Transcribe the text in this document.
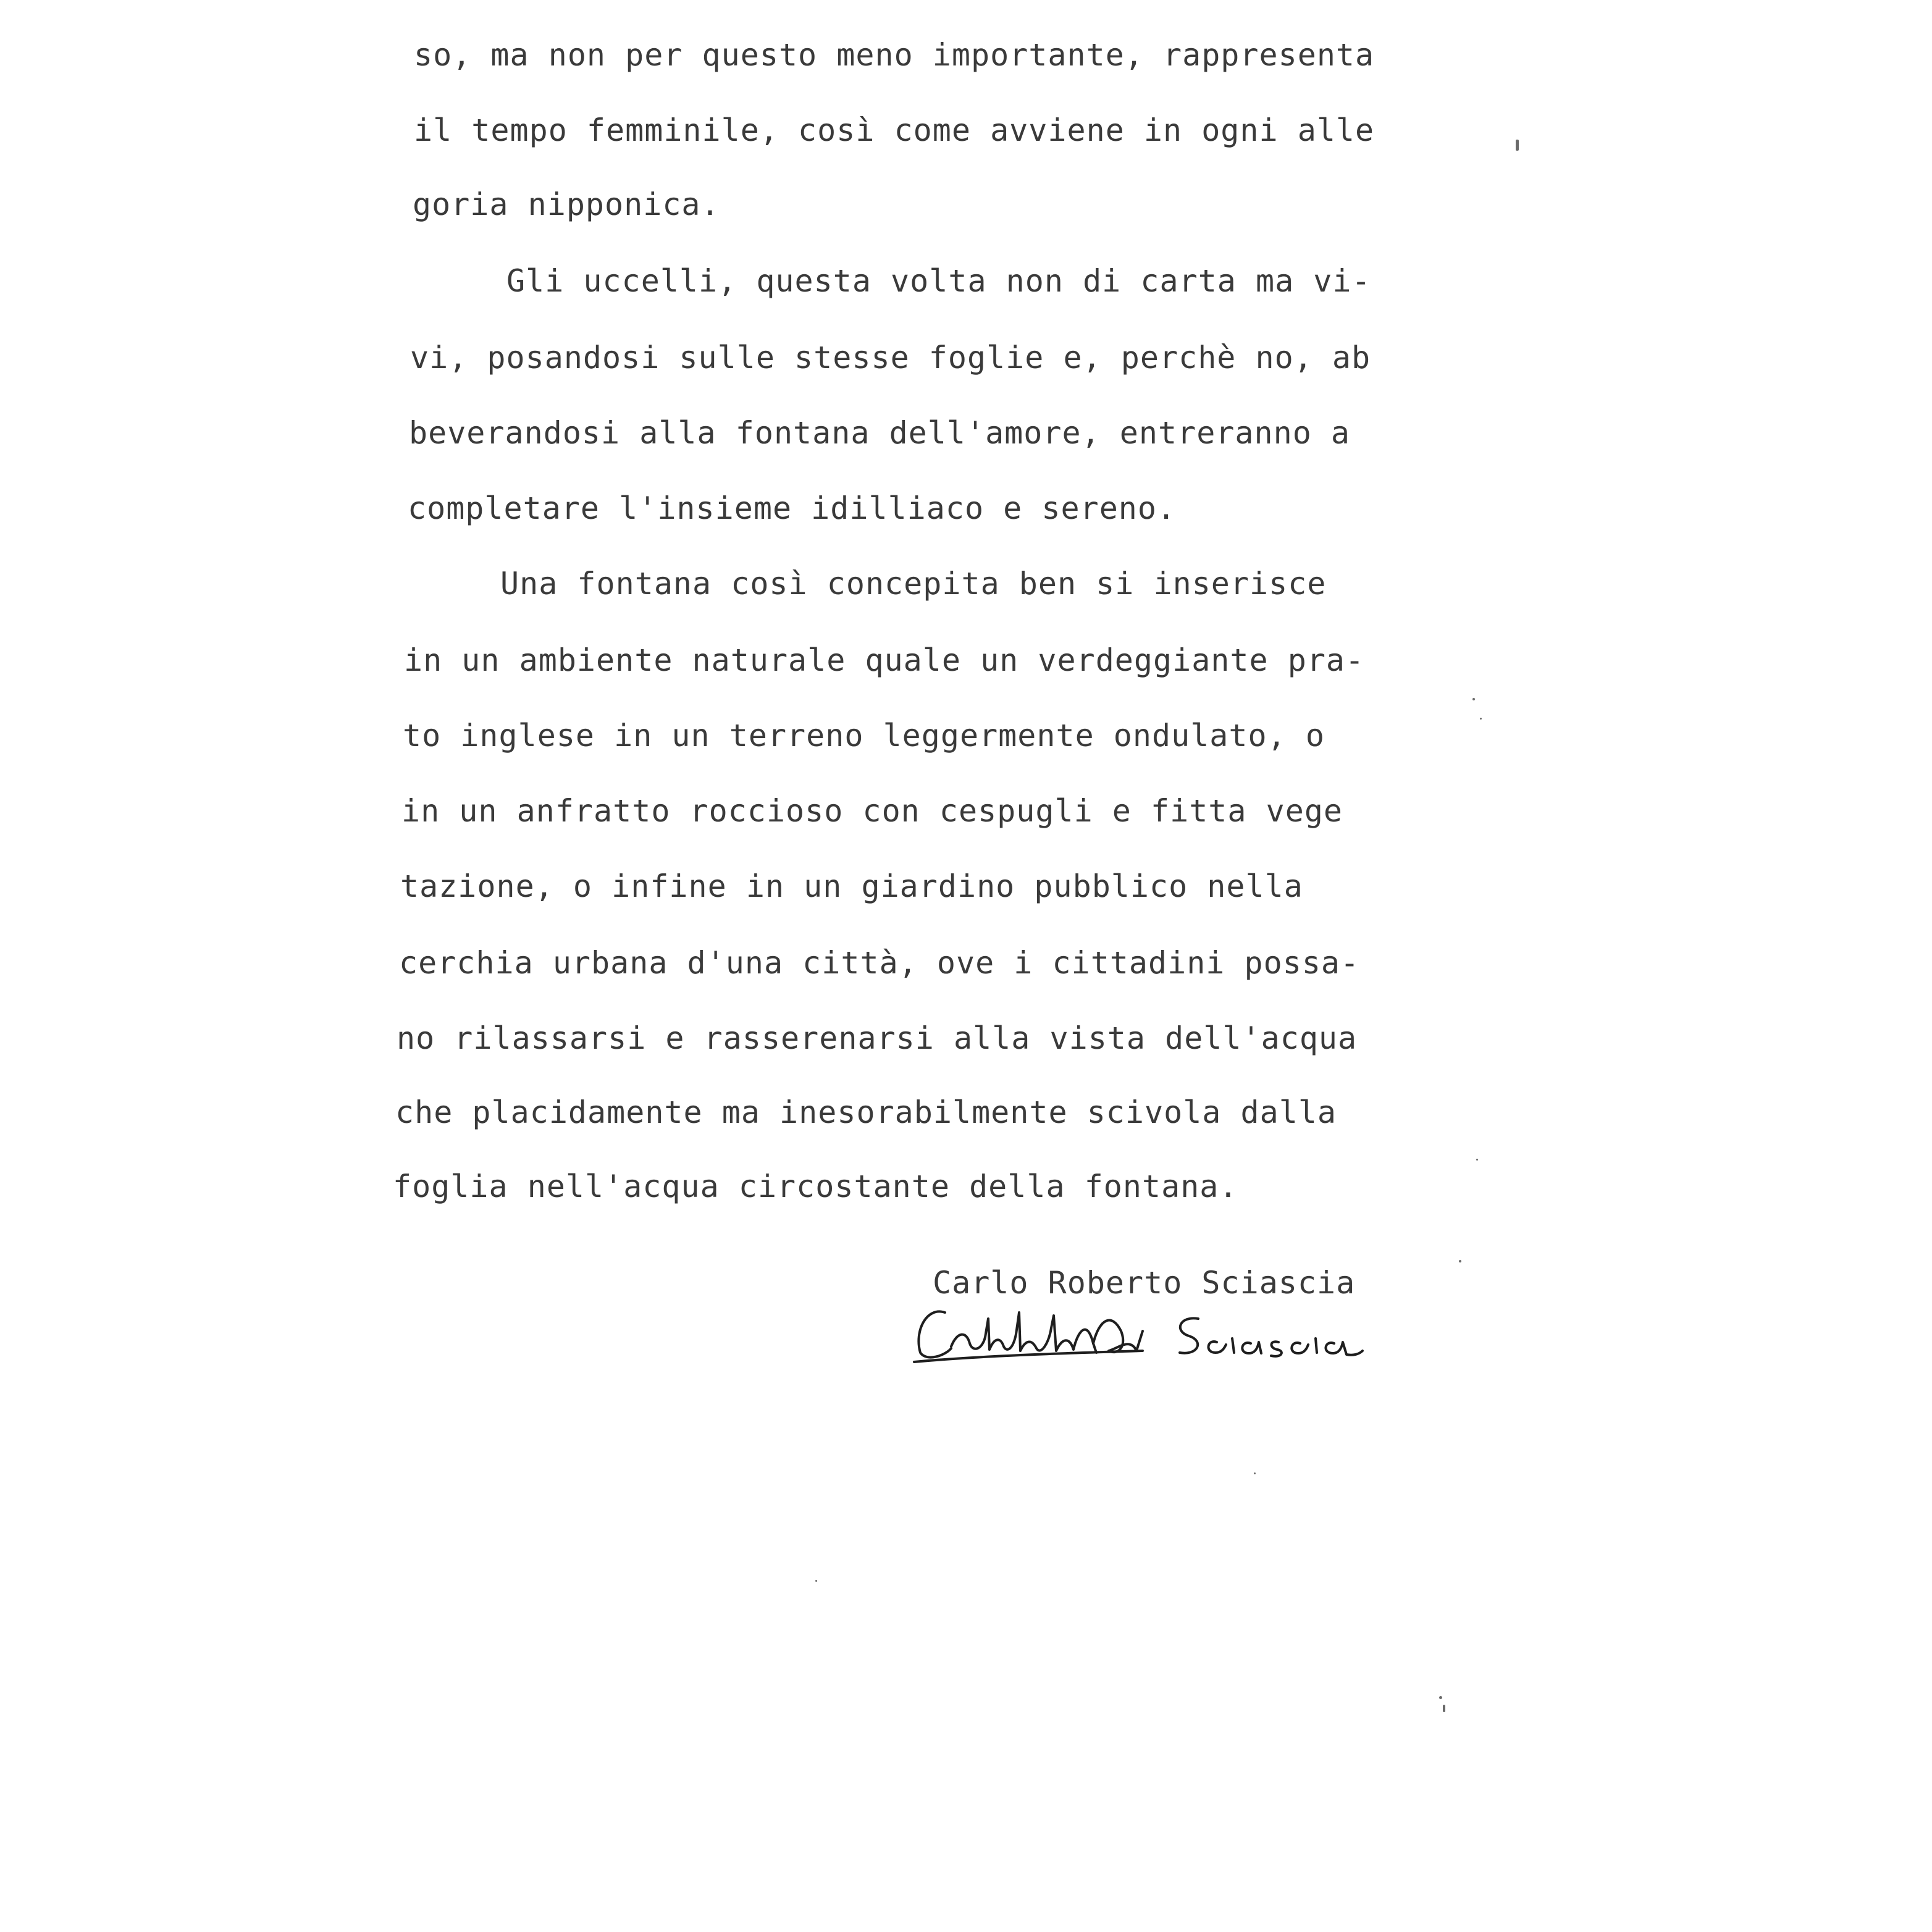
so, ma non per questo meno importante, rappresenta
il tempo femminile, così come avviene in ogni alle
goria nipponica.
Gli uccelli, questa volta non di carta ma vi-
vi, posandosi sulle stesse foglie e, perchè no, ab
beverandosi alla fontana dell'amore, entreranno a
completare l'insieme idilliaco e sereno.
Una fontana così concepita ben si inserisce
in un ambiente naturale quale un verdeggiante pra-
to inglese in un terreno leggermente ondulato, o
in un anfratto roccioso con cespugli e fitta vege
tazione, o infine in un giardino pubblico nella
cerchia urbana d'una città, ove i cittadini possa-
no rilassarsi e rasserenarsi alla vista dell'acqua
che placidamente ma inesorabilmente scivola dalla
foglia nell'acqua circostante della fontana.
Carlo Roberto Sciascia
